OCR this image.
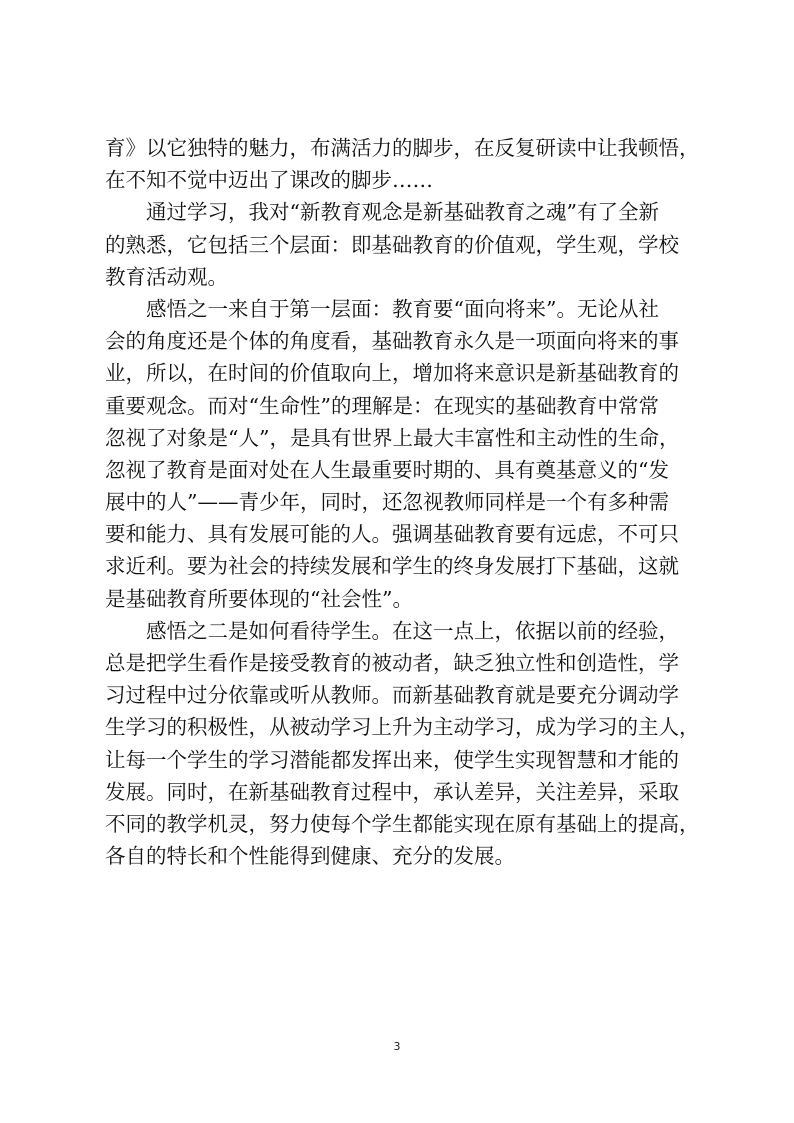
育》以它独特的魅力，布满活力的脚步，在反复研读中让我顿悟，
在不知不觉中迈出了课改的脚步……
通过学习，我对“新教育观念是新基础教育之魂”有了全新
的熟悉，它包括三个层面：即基础教育的价值观，学生观，学校
教育活动观。
感悟之一来自于第一层面：教育要“面向将来”。无论从社
会的角度还是个体的角度看，基础教育永久是一项面向将来的事
业，所以，在时间的价值取向上，增加将来意识是新基础教育的
重要观念。而对“生命性”的理解是：在现实的基础教育中常常
忽视了对象是“人”，是具有世界上最大丰富性和主动性的生命，
忽视了教育是面对处在人生最重要时期的、具有奠基意义的“发
展中的人”——青少年，同时，还忽视教师同样是一个有多种需
要和能力、具有发展可能的人。强调基础教育要有远虑，不可只
求近利。要为社会的持续发展和学生的终身发展打下基础，这就
是基础教育所要体现的“社会性”。
感悟之二是如何看待学生。在这一点上，依据以前的经验，
总是把学生看作是接受教育的被动者，缺乏独立性和创造性，学
习过程中过分依靠或听从教师。而新基础教育就是要充分调动学
生学习的积极性，从被动学习上升为主动学习，成为学习的主人，
让每一个学生的学习潜能都发挥出来，使学生实现智慧和才能的
发展。同时，在新基础教育过程中，承认差异，关注差异，采取
不同的教学机灵，努力使每个学生都能实现在原有基础上的提高，
各自的特长和个性能得到健康、充分的发展。
3
